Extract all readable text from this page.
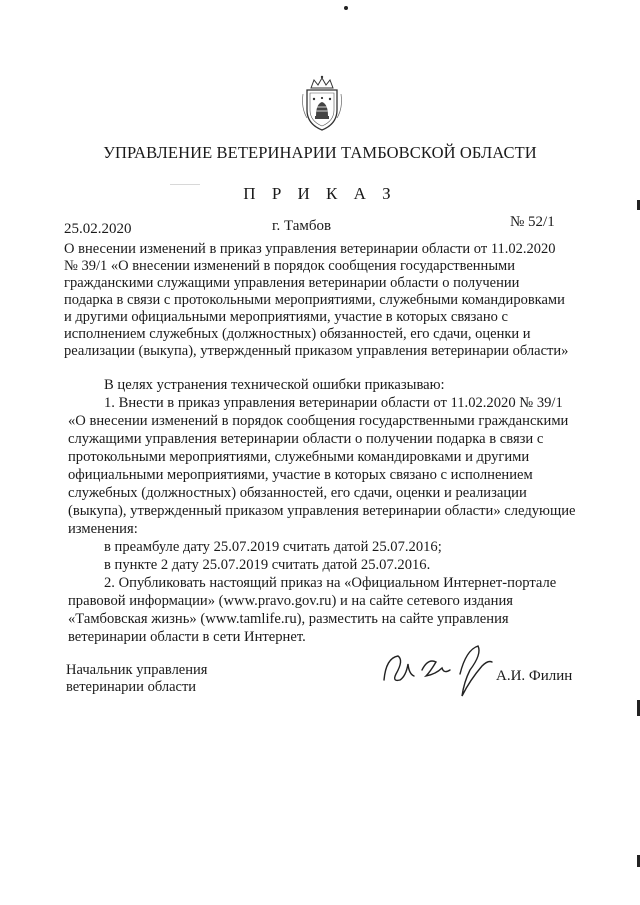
УПРАВЛЕНИЕ ВЕТЕРИНАРИИ ТАМБОВСКОЙ ОБЛАСТИ
П Р И К А З
25.02.2020	г. Тамбов	№ 52/1
О внесении изменений в приказ управления ветеринарии области от 11.02.2020
№ 39/1 «О внесении изменений в порядок сообщения государственными
гражданскими служащими управления ветеринарии области о получении
подарка в связи с протокольными мероприятиями, служебными командировками
и другими официальными мероприятиями, участие в которых связано с
исполнением служебных (должностных) обязанностей, его сдачи, оценки и
реализации (выкупа), утвержденный приказом управления ветеринарии области»
В целях устранения технической ошибки приказываю:
1. Внести в приказ управления ветеринарии области от 11.02.2020 № 39/1
«О внесении изменений в порядок сообщения государственными гражданскими
служащими управления ветеринарии области о получении подарка в связи с
протокольными мероприятиями, служебными командировками и другими
официальными мероприятиями, участие в которых связано с исполнением
служебных (должностных) обязанностей, его сдачи, оценки и реализации
(выкупа), утвержденный приказом управления ветеринарии области» следующие
изменения:
в преамбуле дату 25.07.2019 считать датой 25.07.2016;
в пункте 2 дату 25.07.2019 считать датой 25.07.2016.
2. Опубликовать настоящий приказ на «Официальном Интернет-портале
правовой информации» (www.pravo.gov.ru) и на сайте сетевого издания
«Тамбовская жизнь» (www.tamlife.ru), разместить на сайте управления
ветеринарии области в сети Интернет.
Начальник управления ветеринарии области
А.И. Филин
